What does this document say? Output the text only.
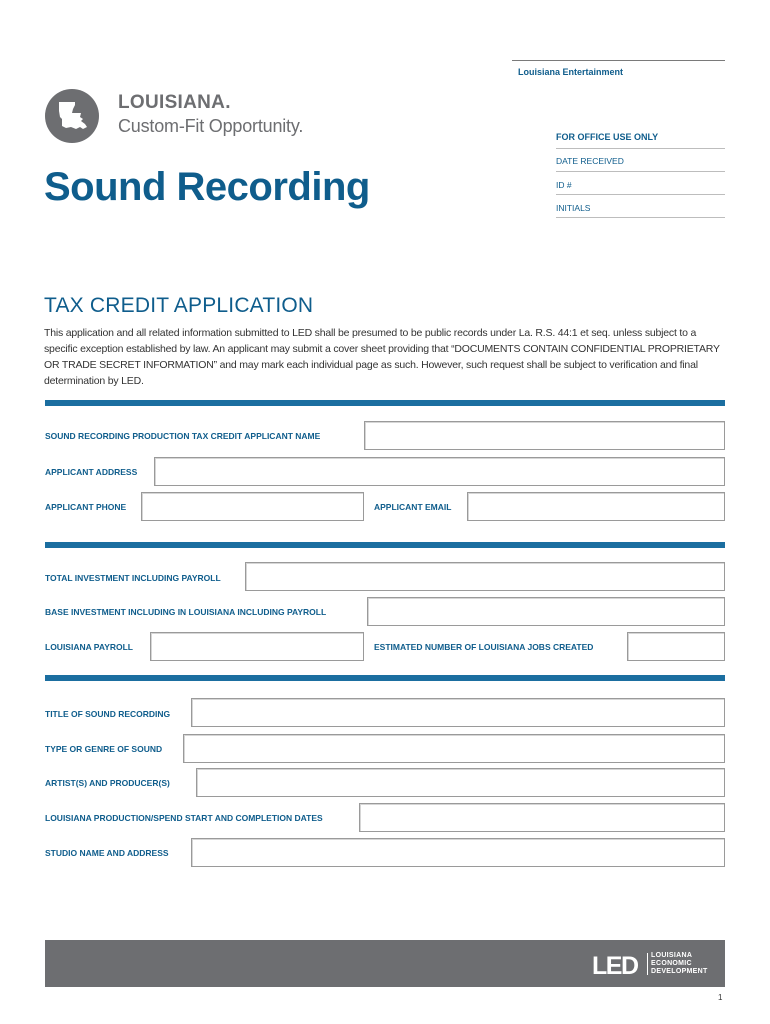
Louisiana Entertainment
LOUISIANA.
Custom-Fit Opportunity.
Sound Recording
FOR OFFICE USE ONLY
DATE RECEIVED
ID #
INITIALS
TAX CREDIT APPLICATION
This application and all related information submitted to LED shall be presumed to be public records under La. R.S. 44:1 et seq. unless subject to a specific exception established by law. An applicant may submit a cover sheet providing that “DOCUMENTS CONTAIN CONFIDENTIAL PROPRIETARY OR TRADE SECRET INFORMATION” and may mark each individual page as such. However, such request shall be subject to verification and final determination by LED.
SOUND RECORDING PRODUCTION TAX CREDIT APPLICANT NAME
APPLICANT ADDRESS
APPLICANT PHONE	APPLICANT EMAIL
TOTAL INVESTMENT INCLUDING PAYROLL
BASE INVESTMENT INCLUDING IN LOUISIANA INCLUDING PAYROLL
LOUISIANA PAYROLL	ESTIMATED NUMBER OF LOUISIANA JOBS CREATED
TITLE OF SOUND RECORDING
TYPE OR GENRE OF SOUND
ARTIST(S) AND PRODUCER(S)
LOUISIANA PRODUCTION/SPEND START AND COMPLETION DATES
STUDIO NAME AND ADDRESS
LED LOUISIANA
ECONOMIC
DEVELOPMENT
1
